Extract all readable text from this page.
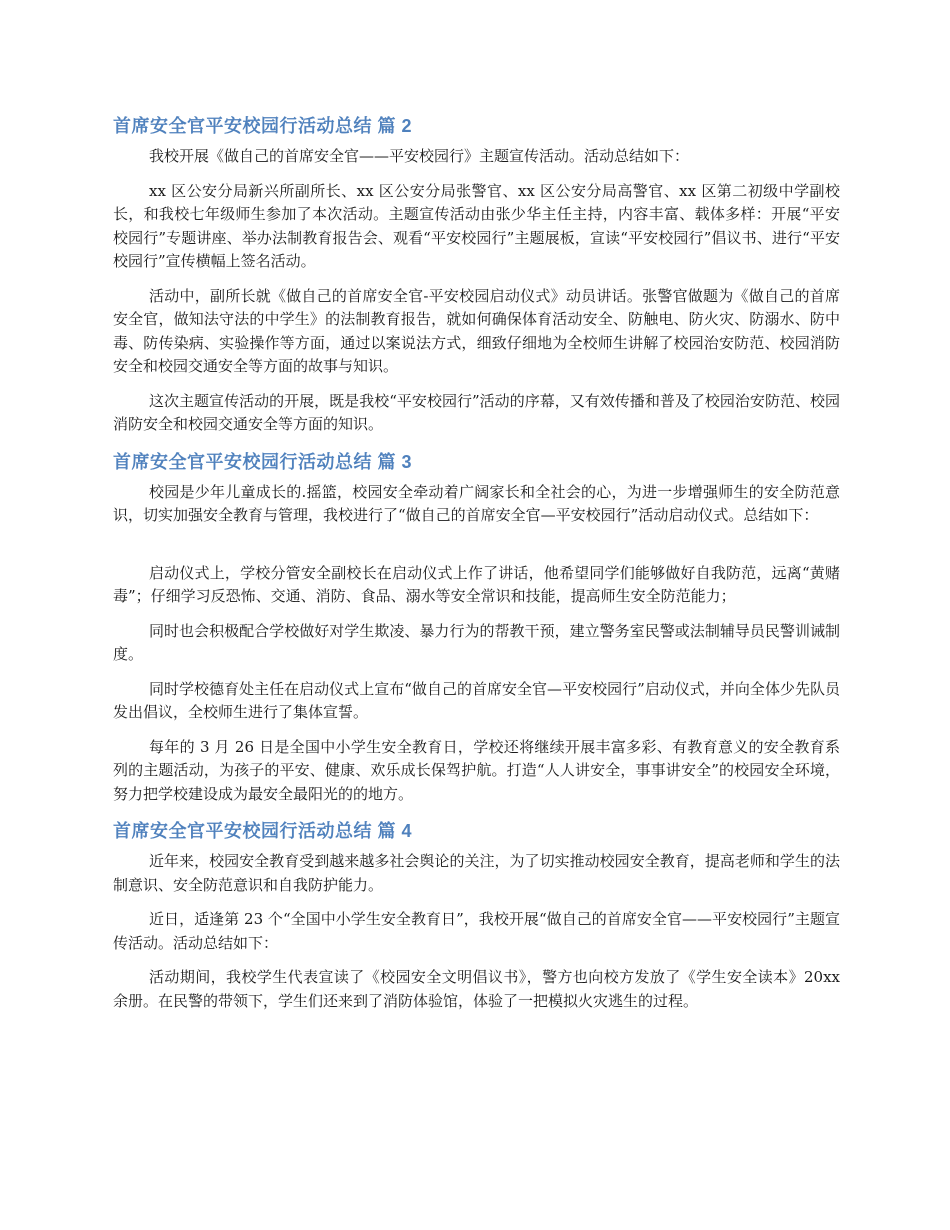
首席安全官平安校园行活动总结 篇 2

我校开展《做自己的首席安全官——平安校园行》主题宣传活动。活动总结如下：

xx 区公安分局新兴所副所长、xx 区公安分局张警官、xx 区公安分局高警官、xx 区第二初级中学副校长，和我校七年级师生参加了本次活动。主题宣传活动由张少华主任主持，内容丰富、载体多样：开展“平安校园行”专题讲座、举办法制教育报告会、观看“平安校园行”主题展板，宣读“平安校园行”倡议书、进行“平安校园行”宣传横幅上签名活动。

活动中，副所长就《做自己的首席安全官-平安校园启动仪式》动员讲话。张警官做题为《做自己的首席安全官，做知法守法的中学生》的法制教育报告，就如何确保体育活动安全、防触电、防火灾、防溺水、防中毒、防传染病、实验操作等方面，通过以案说法方式，细致仔细地为全校师生讲解了校园治安防范、校园消防安全和校园交通安全等方面的故事与知识。

这次主题宣传活动的开展，既是我校“平安校园行”活动的序幕，又有效传播和普及了校园治安防范、校园消防安全和校园交通安全等方面的知识。

首席安全官平安校园行活动总结 篇 3

校园是少年儿童成长的.摇篮，校园安全牵动着广阔家长和全社会的心，为进一步增强师生的安全防范意识，切实加强安全教育与管理，我校进行了“做自己的首席安全官—平安校园行”活动启动仪式。总结如下：

启动仪式上，学校分管安全副校长在启动仪式上作了讲话，他希望同学们能够做好自我防范，远离“黄赌毒”；仔细学习反恐怖、交通、消防、食品、溺水等安全常识和技能，提高师生安全防范能力；

同时也会积极配合学校做好对学生欺凌、暴力行为的帮教干预，建立警务室民警或法制辅导员民警训诫制度。

同时学校德育处主任在启动仪式上宣布“做自己的首席安全官—平安校园行”启动仪式，并向全体少先队员发出倡议，全校师生进行了集体宣誓。

每年的 3 月 26 日是全国中小学生安全教育日，学校还将继续开展丰富多彩、有教育意义的安全教育系列的主题活动，为孩子的平安、健康、欢乐成长保驾护航。打造“人人讲安全，事事讲安全”的校园安全环境，努力把学校建设成为最安全最阳光的的地方。

首席安全官平安校园行活动总结 篇 4

近年来，校园安全教育受到越来越多社会舆论的关注，为了切实推动校园安全教育，提高老师和学生的法制意识、安全防范意识和自我防护能力。

近日，适逢第 23 个“全国中小学生安全教育日”，我校开展“做自己的首席安全官——平安校园行”主题宣传活动。活动总结如下：

活动期间，我校学生代表宣读了《校园安全文明倡议书》，警方也向校方发放了《学生安全读本》20xx 余册。在民警的带领下，学生们还来到了消防体验馆，体验了一把模拟火灾逃生的过程。
